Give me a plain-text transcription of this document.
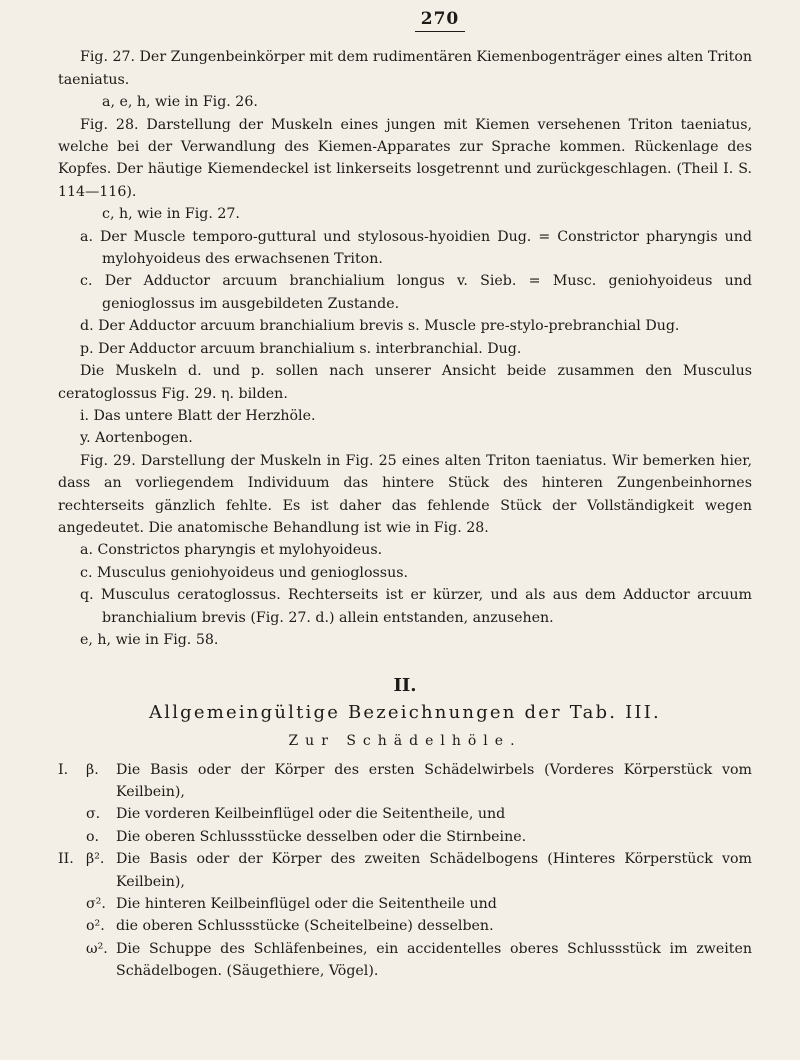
270

Fig. 27. Der Zungenbeinkörper mit dem rudimentären Kiemenbogenträger eines alten Triton taeniatus.

a, e, h, wie in Fig. 26.

Fig. 28. Darstellung der Muskeln eines jungen mit Kiemen versehenen Triton taeniatus, welche bei der Verwandlung des Kiemen-Apparates zur Sprache kommen. Rückenlage des Kopfes. Der häutige Kiemendeckel ist linkerseits losgetrennt und zurückgeschlagen. (Theil I. S. 114—116).

c, h, wie in Fig. 27.

a. Der Muscle temporo-guttural und stylosous-hyoidien Dug. = Constrictor pharyngis und mylohyoideus des erwachsenen Triton.

c. Der Adductor arcuum branchialium longus v. Sieb. = Musc. geniohyoideus und genioglossus im ausgebildeten Zustande.

d. Der Adductor arcuum branchialium brevis s. Muscle pre-stylo-prebranchial Dug.

p. Der Adductor arcuum branchialium s. interbranchial. Dug.

Die Muskeln d. und p. sollen nach unserer Ansicht beide zusammen den Musculus ceratoglossus Fig. 29. η. bilden.

i. Das untere Blatt der Herzhöle.

y. Aortenbogen.

Fig. 29. Darstellung der Muskeln in Fig. 25 eines alten Triton taeniatus. Wir bemerken hier, dass an vorliegendem Individuum das hintere Stück des hinteren Zungenbeinhornes rechterseits gänzlich fehlte. Es ist daher das fehlende Stück der Vollständigkeit wegen angedeutet. Die anatomische Behandlung ist wie in Fig. 28.

a. Constrictos pharyngis et mylohyoideus.

c. Musculus geniohyoideus und genioglossus.

q. Musculus ceratoglossus. Rechterseits ist er kürzer, und als aus dem Adductor arcuum branchialium brevis (Fig. 27. d.) allein entstanden, anzusehen.

e, h, wie in Fig. 58.

II.
Allgemeingültige Bezeichnungen der Tab. III.
Zur Schädelhöle.

I. β. Die Basis oder der Körper des ersten Schädelwirbels (Vorderes Körperstück vom Keilbein),

σ. Die vorderen Keilbeinflügel oder die Seitentheile, und

ο. Die oberen Schlussstücke desselben oder die Stirnbeine.

II. β². Die Basis oder der Körper des zweiten Schädelbogens (Hinteres Körperstück vom Keilbein),

σ². Die hinteren Keilbeinflügel oder die Seitentheile und

ο². die oberen Schlussstücke (Scheitelbeine) desselben.

ω². Die Schuppe des Schläfenbeines, ein accidentelles oberes Schlussstück im zweiten Schädelbogen. (Säugethiere, Vögel).
